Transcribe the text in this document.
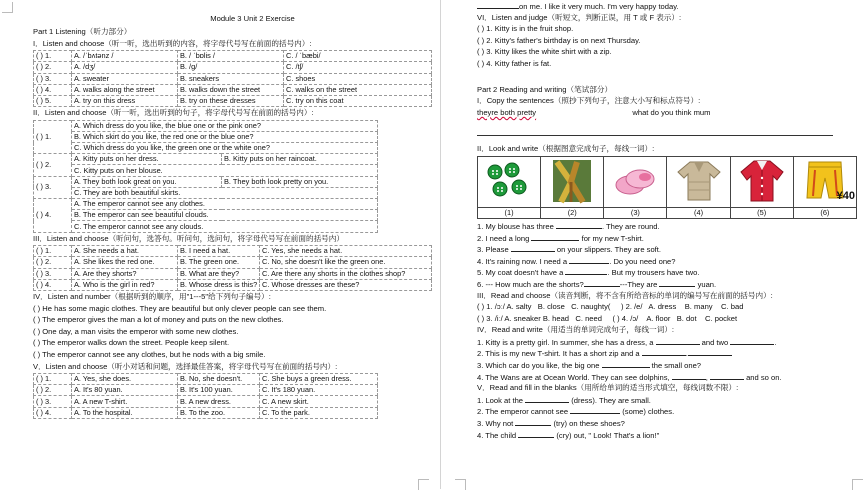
Module 3 Unit 2 Exercise
Part 1 Listening（听力部分）
I．Listen and choose（听一听，选出听到的内容，将字母代号写在前面的括号内）:
( ) 1.	A. /ˈbʌtənz /	B. / ˈbɒlis /	C. / ˈbæbi/
( ) 2.	A. /dʒ/	B. /ɡ/	C. /tʃ/
( ) 3.	A. sweater	B. sneakers	C. shoes
( ) 4.	A. walks along the street	B. walks down the street	C. walks on the street
( ) 5.	A. try on this dress	B. try on these dresses	C. try on this coat
II．Listen and choose（听一听，选出听到的句子，将字母代号写在前面的括号内）:
( ) 1.	A. Which dress do you like, the blue one or the pink one?	
	B. Which skirt do you like, the red one or the blue one?	
	C. Which dress do you like, the green one or the white one?	
( ) 2.	A. Kitty puts on her dress.	B. Kitty puts on her raincoat.
	C. Kitty puts on her blouse.	
( ) 3.	A. They both look great on you.	B. They both look pretty on you.
	C. They are both beautiful skirts.	
( ) 4.	A. The emperor cannot see any clothes.	
	B. The emperor can see beautiful clouds.	
	C. The emperor cannot see any clouds.	
III．Listen and choose（听问句，选答句。听问句，选问句，将字母代号写在前面的括号内）
( ) 1.	A. She needs a hat.	B. I need a hat.	C. Yes, she needs a hat.
( ) 2.	A. She likes the red one.	B. The green one.	C. No, she doesn't like the green one.
( ) 3.	A. Are they shorts?	B. What are they?	C. Are there any shorts in the clothes shop?
( ) 4.	A. Who is the girl in red?	B. Whose dress is this?	C. Whose dresses are these?
IV．Listen and number（根据听到的顺序，用"1---5"给下列句子编号）:
( ) He has some magic clothes. They are beautiful but only clever people can see them.
( ) The emperor gives the man a lot of money and puts on the new clothes.
( ) One day, a man visits the emperor with some new clothes.
( ) The emperor walks down the street. People keep silent.
( ) The emperor cannot see any clothes, but he nods with a big smile.
V．Listen and choose（听小对话和问题，选择最佳答案，将字母代号写在前面的括号内）:
( ) 1.	A. Yes, she does.	B. No, she doesn't.	C. She buys a green dress.
( ) 2.	A. It's 80 yuan.	B. It's 100 yuan.	C. It's 180 yuan.
( ) 3.	A. A new T-shirt.	B. A new dress.	C. A new skirt.
( ) 4.	A. To the hospital.	B. To the zoo.	C. To the park.
on me. I like it very much. I'm very happy today.
VI．Listen and judge（听短文，判断正误，用 T 或 F 表示）:
( ) 1. Kitty is in the fruit shop.
( ) 2. Kitty's father's birthday is on next Thursday.
( ) 3. Kitty likes the white shirt with a zip.
( ) 4. Kitty father is fat.
Part 2 Reading and writing（笔试部分）
I．Copy the sentences（照抄下列句子，注意大小写和标点符号）:
theyre both pretty	what do you think mum
II．Look and write（根据图意完成句子，每线一词）:

¥40

(1)	(2)	(3)	(4)	(5)	(6)
1. My blouse has three	. They are round.
2. I need a long	for my new T-shirt.
3. Please	on your slippers. They are soft.
4. It's raining now. I need a	. Do you need one?
5. My coat doesn't have a	. But my trousers have two.
6. --- How much are the shorts?	---They are	yuan.
III．Read and choose（读音判断，将不含有所给音标的单词的编号写在前面的括号内）:
( ) 1. /ɔː/ A. salty B. close C. naughty( ) 2. /e/ A. dress B. many C. bad
( ) 3. /iː/ A. sneaker B. head C. need ( ) 4. /ɔ/ A. floor B. dot C. pocket
IV．Read and write（用适当的单词完成句子，每线一词）:
1. Kitty is a pretty girl. In summer, she has a dress, a	and two	.
2. This is my new T-shirt. It has a short zip and a	.
3. Which car do you like, the big one	the small one?
4. The Wans are at Ocean World. They can see dolphins,	,	and so on.
V．Read and fill in the blanks（用所给单词的适当形式填空，每线词数不限）:
1. Look at the	(dress). They are small.
2. The emperor cannot see	(some) clothes.
3. Why not	(try) on these shoes?
4. The child	(cry) out, " Look! That's a lion!"
